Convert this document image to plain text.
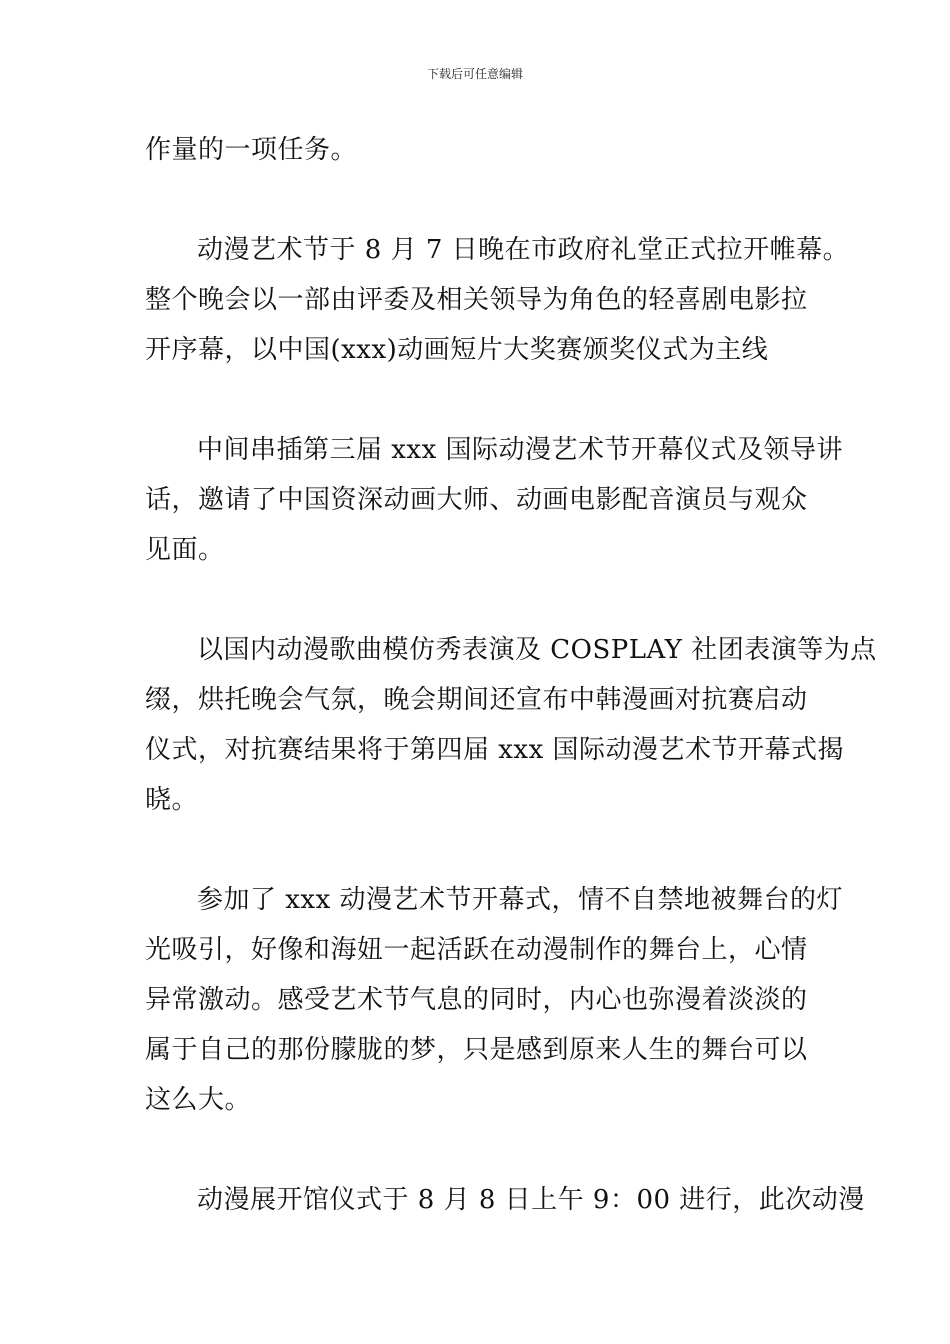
下载后可任意编辑
作量的一项任务。
动漫艺术节于 8 月 7 日晚在市政府礼堂正式拉开帷幕。
整个晚会以一部由评委及相关领导为角色的轻喜剧电影拉
开序幕，以中国(xxx)动画短片大奖赛颁奖仪式为主线
中间串插第三届 xxx 国际动漫艺术节开幕仪式及领导讲
话，邀请了中国资深动画大师、动画电影配音演员与观众
见面。
以国内动漫歌曲模仿秀表演及 COSPLAY 社团表演等为点
缀，烘托晚会气氛，晚会期间还宣布中韩漫画对抗赛启动
仪式，对抗赛结果将于第四届 xxx 国际动漫艺术节开幕式揭
晓。
参加了 xxx 动漫艺术节开幕式，情不自禁地被舞台的灯
光吸引，好像和海妞一起活跃在动漫制作的舞台上，心情
异常激动。感受艺术节气息的同时，内心也弥漫着淡淡的
属于自己的那份朦胧的梦，只是感到原来人生的舞台可以
这么大。
动漫展开馆仪式于 8 月 8 日上午 9：00 进行，此次动漫
